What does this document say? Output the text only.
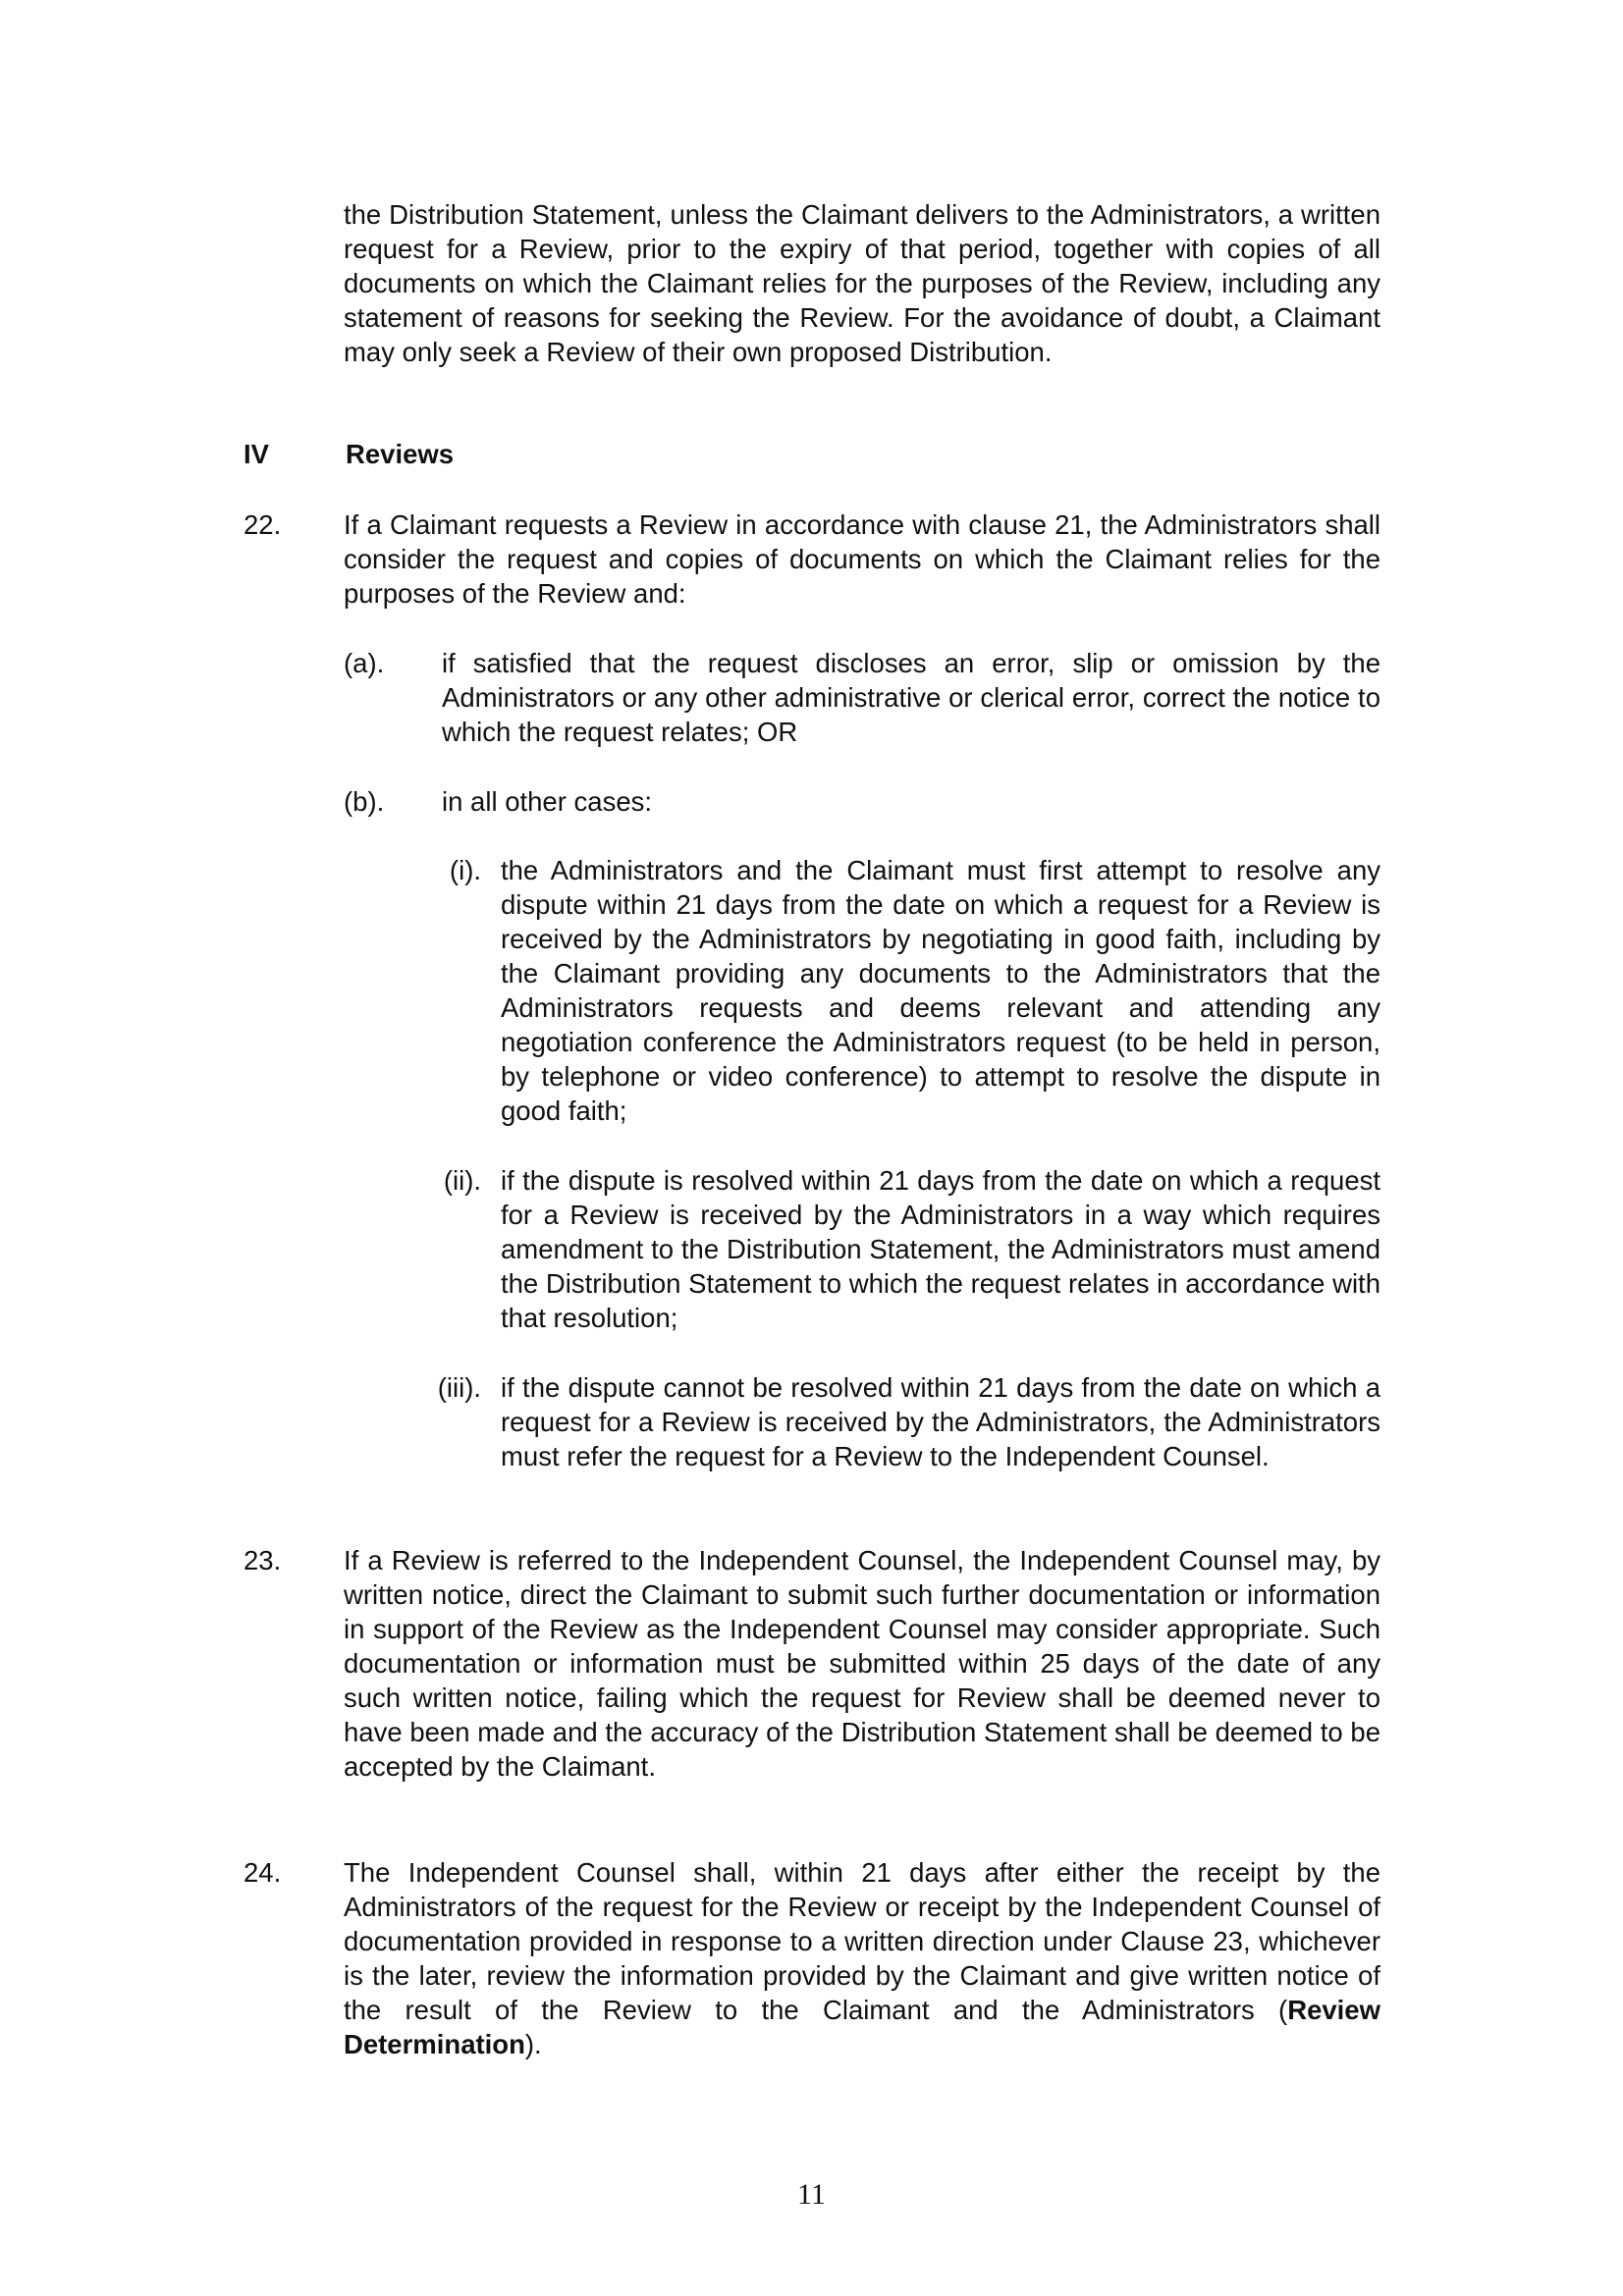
the Distribution Statement, unless the Claimant delivers to the Administrators, a written request for a Review, prior to the expiry of that period, together with copies of all documents on which the Claimant relies for the purposes of the Review, including any statement of reasons for seeking the Review. For the avoidance of doubt, a Claimant may only seek a Review of their own proposed Distribution.

IV	Reviews

22. If a Claimant requests a Review in accordance with clause 21, the Administrators shall consider the request and copies of documents on which the Claimant relies for the purposes of the Review and:

(a). if satisfied that the request discloses an error, slip or omission by the Administrators or any other administrative or clerical error, correct the notice to which the request relates; OR

(b). in all other cases:

(i). the Administrators and the Claimant must first attempt to resolve any dispute within 21 days from the date on which a request for a Review is received by the Administrators by negotiating in good faith, including by the Claimant providing any documents to the Administrators that the Administrators requests and deems relevant and attending any negotiation conference the Administrators request (to be held in person, by telephone or video conference) to attempt to resolve the dispute in good faith;

(ii). if the dispute is resolved within 21 days from the date on which a request for a Review is received by the Administrators in a way which requires amendment to the Distribution Statement, the Administrators must amend the Distribution Statement to which the request relates in accordance with that resolution;

(iii). if the dispute cannot be resolved within 21 days from the date on which a request for a Review is received by the Administrators, the Administrators must refer the request for a Review to the Independent Counsel.

23. If a Review is referred to the Independent Counsel, the Independent Counsel may, by written notice, direct the Claimant to submit such further documentation or information in support of the Review as the Independent Counsel may consider appropriate. Such documentation or information must be submitted within 25 days of the date of any such written notice, failing which the request for Review shall be deemed never to have been made and the accuracy of the Distribution Statement shall be deemed to be accepted by the Claimant.

24. The Independent Counsel shall, within 21 days after either the receipt by the Administrators of the request for the Review or receipt by the Independent Counsel of documentation provided in response to a written direction under Clause 23, whichever is the later, review the information provided by the Claimant and give written notice of the result of the Review to the Claimant and the Administrators (Review Determination).

11
